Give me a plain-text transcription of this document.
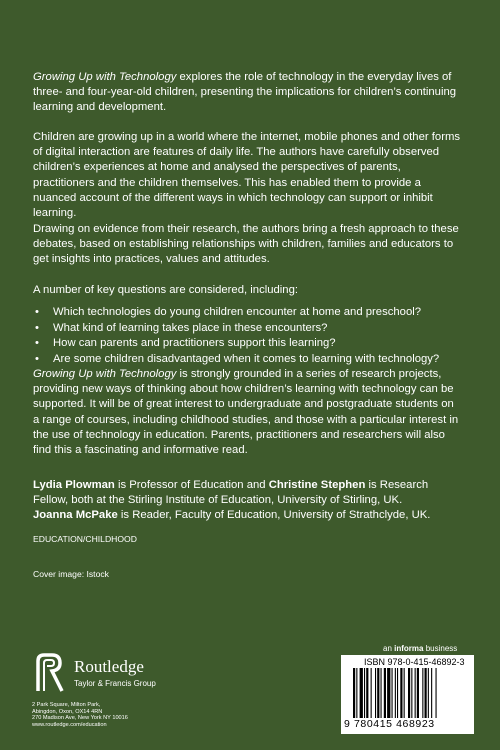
Growing Up with Technology explores the role of technology in the everyday lives of three- and four-year-old children, presenting the implications for children’s continuing learning and development.

Children are growing up in a world where the internet, mobile phones and other forms of digital interaction are features of daily life. The authors have carefully observed children’s experiences at home and analysed the perspectives of parents, practitioners and the children themselves. This has enabled them to provide a nuanced account of the different ways in which technology can support or inhibit learning.

Drawing on evidence from their research, the authors bring a fresh approach to these debates, based on establishing relationships with children, families and educators to get insights into practices, values and attitudes.

A number of key questions are considered, including:

• Which technologies do young children encounter at home and preschool?
• What kind of learning takes place in these encounters?
• How can parents and practitioners support this learning?
• Are some children disadvantaged when it comes to learning with technology?

Growing Up with Technology is strongly grounded in a series of research projects, providing new ways of thinking about how children’s learning with technology can be supported. It will be of great interest to undergraduate and postgraduate students on a range of courses, including childhood studies, and those with a particular interest in the use of technology in education. Parents, practitioners and researchers will also find this a fascinating and informative read.

Lydia Plowman is Professor of Education and Christine Stephen is Research Fellow, both at the Stirling Institute of Education, University of Stirling, UK.
Joanna McPake is Reader, Faculty of Education, University of Strathclyde, UK.

EDUCATION/CHILDHOOD
Cover image: Istock
Routledge
Taylor & Francis Group
2 Park Square, Milton Park,
Abingdon, Oxon, OX14 4RN
270 Madison Ave, New York NY 10016
www.routledge.com/education
an informa business
ISBN 978-0-415-46892-3
9 780415 468923
